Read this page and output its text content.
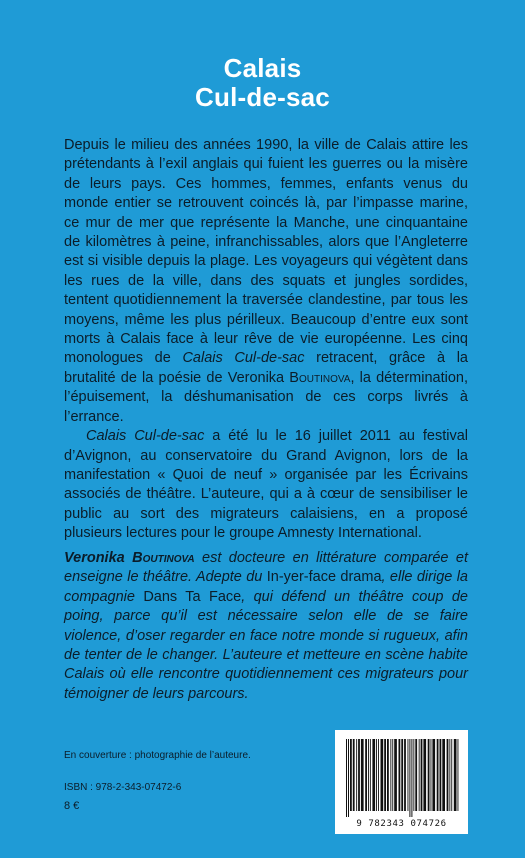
Calais
Cul-de-sac

Depuis le milieu des années 1990, la ville de Calais attire les prétendants à l’exil anglais qui fuient les guerres ou la misère de leurs pays. Ces hommes, femmes, enfants venus du monde entier se retrouvent coincés là, par l’impasse marine, ce mur de mer que représente la Manche, une cinquantaine de kilomètres à peine, infranchissables, alors que l’Angleterre est si visible depuis la plage. Les voyageurs qui végètent dans les rues de la ville, dans des squats et jungles sordides, tentent quotidiennement la traversée clandestine, par tous les moyens, même les plus périlleux. Beaucoup d’entre eux sont morts à Calais face à leur rêve de vie européenne. Les cinq monologues de Calais Cul-de-sac retracent, grâce à la brutalité de la poésie de Veronika Boutinova, la détermination, l’épuisement, la déshumanisation de ces corps livrés à l’errance.

Calais Cul-de-sac a été lu le 16 juillet 2011 au festival d’Avignon, au conservatoire du Grand Avignon, lors de la manifestation « Quoi de neuf » organisée par les Écrivains associés de théâtre. L’auteure, qui a à cœur de sensibiliser le public au sort des migrateurs calaisiens, en a proposé plusieurs lectures pour le groupe Amnesty International.

Veronika Boutinova est docteure en littérature comparée et enseigne le théâtre. Adepte du In-yer-face drama, elle dirige la compagnie Dans Ta Face, qui défend un théâtre coup de poing, parce qu’il est nécessaire selon elle de se faire violence, d’oser regarder en face notre monde si rugueux, afin de tenter de le changer. L’auteure et metteure en scène habite Calais où elle rencontre quotidiennement ces migrateurs pour témoigner de leurs parcours.

En couverture : photographie de l’auteure.
ISBN : 978-2-343-07472-6
8 €
9 782343 074726
